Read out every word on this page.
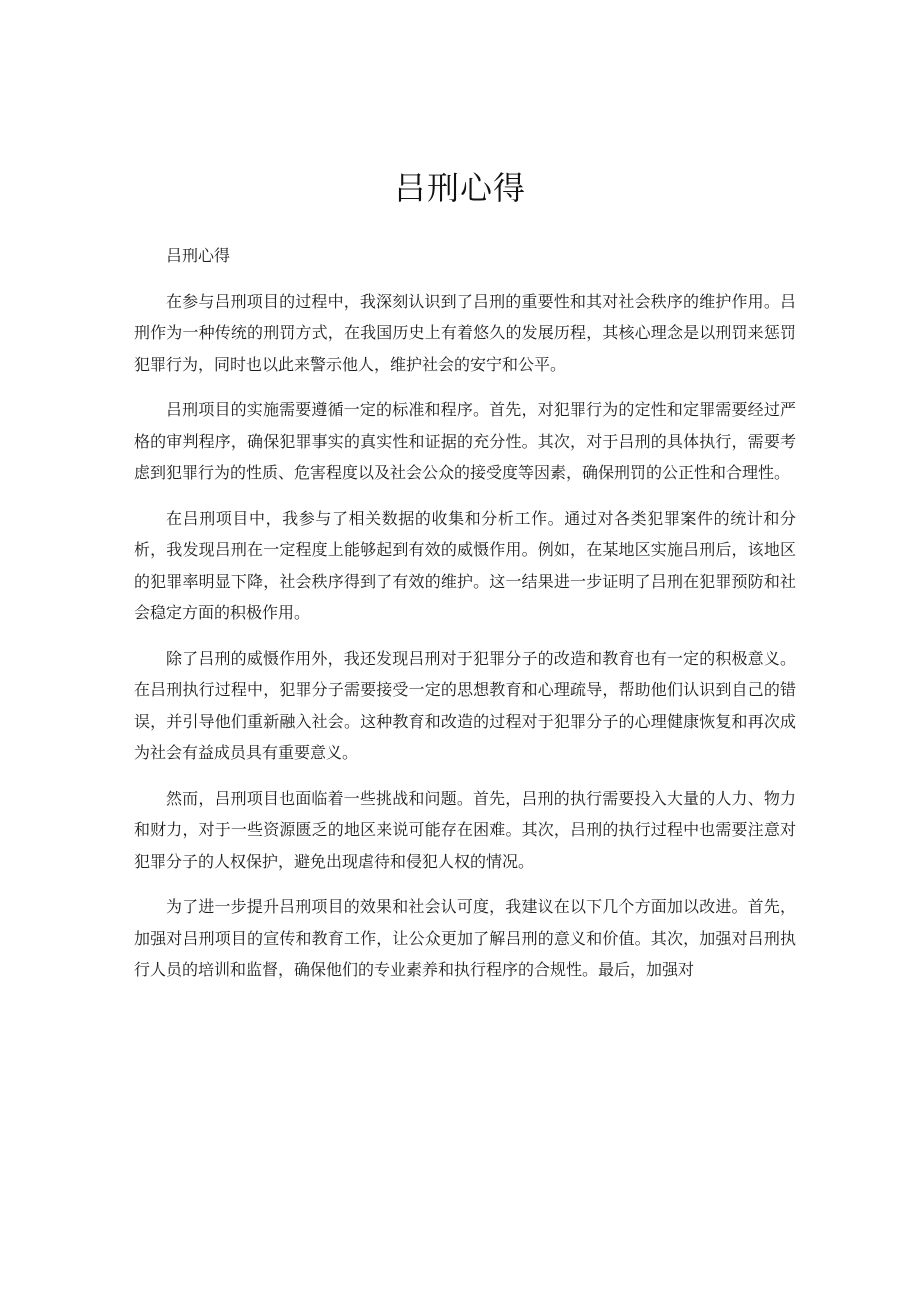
吕刑心得

吕刑心得

在参与吕刑项目的过程中，我深刻认识到了吕刑的重要性和其对社会秩序的维护作用。吕刑作为一种传统的刑罚方式，在我国历史上有着悠久的发展历程，其核心理念是以刑罚来惩罚犯罪行为，同时也以此来警示他人，维护社会的安宁和公平。

吕刑项目的实施需要遵循一定的标准和程序。首先，对犯罪行为的定性和定罪需要经过严格的审判程序，确保犯罪事实的真实性和证据的充分性。其次，对于吕刑的具体执行，需要考虑到犯罪行为的性质、危害程度以及社会公众的接受度等因素，确保刑罚的公正性和合理性。

在吕刑项目中，我参与了相关数据的收集和分析工作。通过对各类犯罪案件的统计和分析，我发现吕刑在一定程度上能够起到有效的威慑作用。例如，在某地区实施吕刑后，该地区的犯罪率明显下降，社会秩序得到了有效的维护。这一结果进一步证明了吕刑在犯罪预防和社会稳定方面的积极作用。

除了吕刑的威慑作用外，我还发现吕刑对于犯罪分子的改造和教育也有一定的积极意义。在吕刑执行过程中，犯罪分子需要接受一定的思想教育和心理疏导，帮助他们认识到自己的错误，并引导他们重新融入社会。这种教育和改造的过程对于犯罪分子的心理健康恢复和再次成为社会有益成员具有重要意义。

然而，吕刑项目也面临着一些挑战和问题。首先，吕刑的执行需要投入大量的人力、物力和财力，对于一些资源匮乏的地区来说可能存在困难。其次，吕刑的执行过程中也需要注意对犯罪分子的人权保护，避免出现虐待和侵犯人权的情况。

为了进一步提升吕刑项目的效果和社会认可度，我建议在以下几个方面加以改进。首先，加强对吕刑项目的宣传和教育工作，让公众更加了解吕刑的意义和价值。其次，加强对吕刑执行人员的培训和监督，确保他们的专业素养和执行程序的合规性。最后，加强对
